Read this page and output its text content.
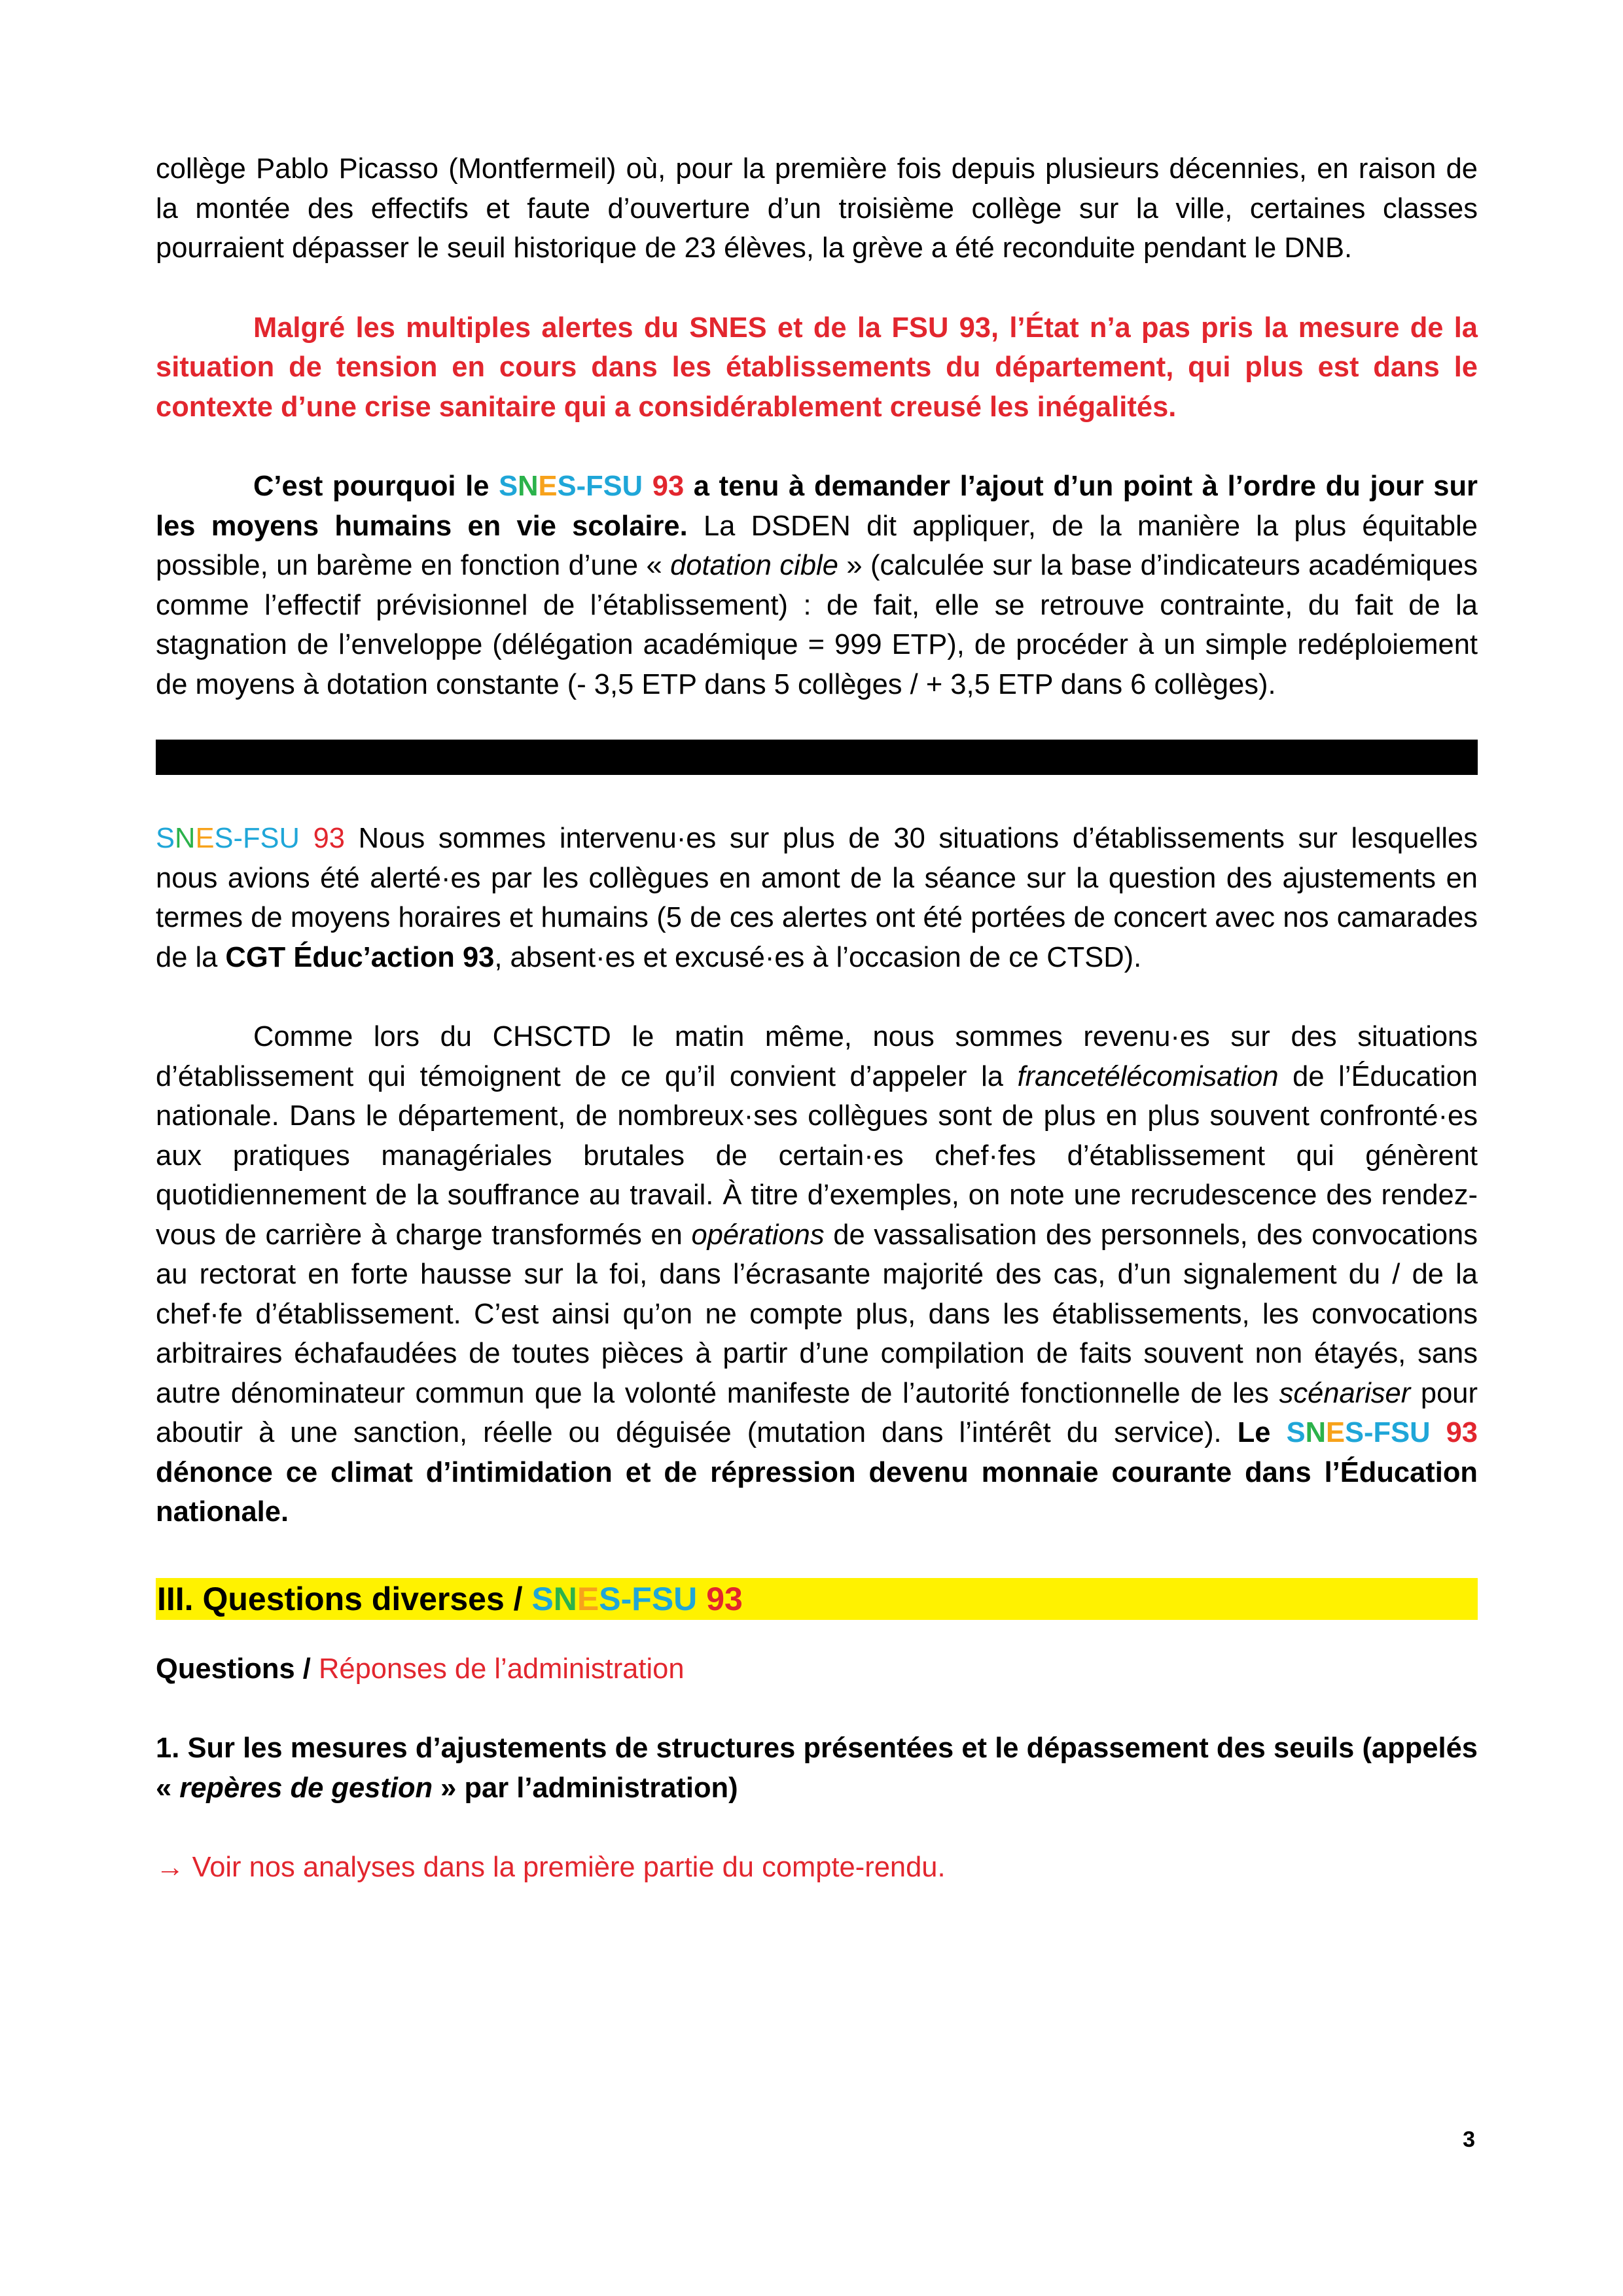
collège Pablo Picasso (Montfermeil) où, pour la première fois depuis plusieurs décennies, en raison de la montée des effectifs et faute d’ouverture d’un troisième collège sur la ville, certaines classes pourraient dépasser le seuil historique de 23 élèves, la grève a été reconduite pendant le DNB.

Malgré les multiples alertes du SNES et de la FSU 93, l’État n’a pas pris la mesure de la situation de tension en cours dans les établissements du département, qui plus est dans le contexte d’une crise sanitaire qui a considérablement creusé les inégalités.

C’est pourquoi le SNES-FSU 93 a tenu à demander l’ajout d’un point à l’ordre du jour sur les moyens humains en vie scolaire. La DSDEN dit appliquer, de la manière la plus équitable possible, un barème en fonction d’une « dotation cible » (calculée sur la base d’indicateurs académiques comme l’effectif prévisionnel de l’établissement) : de fait, elle se retrouve contrainte, du fait de la stagnation de l’enveloppe (délégation académique = 999 ETP), de procéder à un simple redéploiement de moyens à dotation constante (- 3,5 ETP dans 5 collèges / + 3,5 ETP dans 6 collèges).

SNES-FSU 93 Nous sommes intervenu·es sur plus de 30 situations d’établissements sur lesquelles nous avions été alerté·es par les collègues en amont de la séance sur la question des ajustements en termes de moyens horaires et humains (5 de ces alertes ont été portées de concert avec nos camarades de la CGT Éduc’action 93, absent·es et excusé·es à l’occasion de ce CTSD).

Comme lors du CHSCTD le matin même, nous sommes revenu·es sur des situations d’établissement qui témoignent de ce qu’il convient d’appeler la francetélécomisation de l’Éducation nationale. Dans le département, de nombreux·ses collègues sont de plus en plus souvent confronté·es aux pratiques managériales brutales de certain·es chef·fes d’établissement qui génèrent quotidiennement de la souffrance au travail. À titre d’exemples, on note une recrudescence des rendez-vous de carrière à charge transformés en opérations de vassalisation des personnels, des convocations au rectorat en forte hausse sur la foi, dans l’écrasante majorité des cas, d’un signalement du / de la chef·fe d’établissement. C’est ainsi qu’on ne compte plus, dans les établissements, les convocations arbitraires échafaudées de toutes pièces à partir d’une compilation de faits souvent non étayés, sans autre dénominateur commun que la volonté manifeste de l’autorité fonctionnelle de les scénariser pour aboutir à une sanction, réelle ou déguisée (mutation dans l’intérêt du service). Le SNES-FSU 93 dénonce ce climat d’intimidation et de répression devenu monnaie courante dans l’Éducation nationale.

III. Questions diverses / SNES-FSU 93

Questions / Réponses de l’administration

1. Sur les mesures d’ajustements de structures présentées et le dépassement des seuils (appelés « repères de gestion » par l’administration)

→ Voir nos analyses dans la première partie du compte-rendu.

3
